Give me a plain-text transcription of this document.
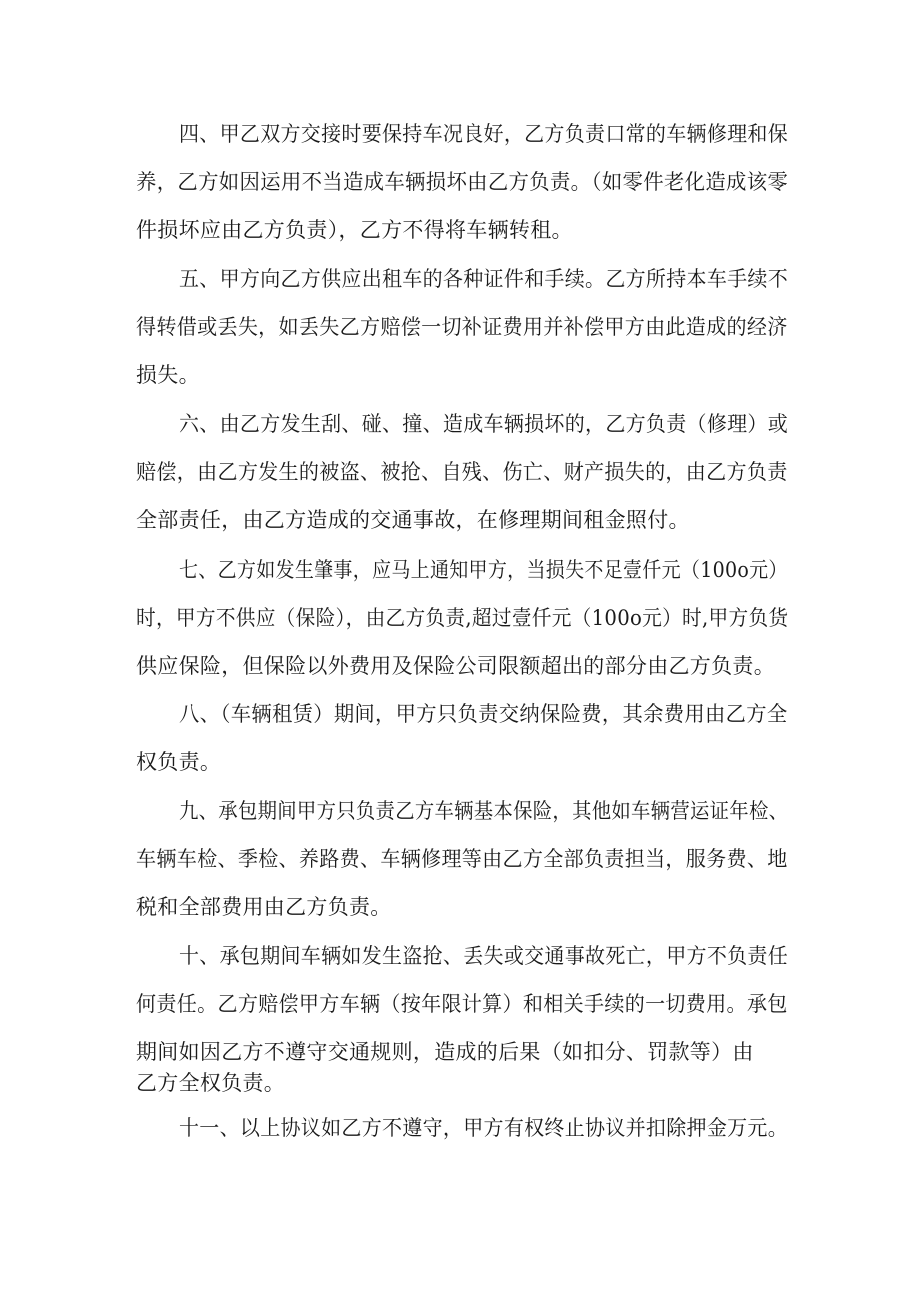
四、甲乙双方交接时要保持车况良好，乙方负责口常的车辆修理和保
养，乙方如因运用不当造成车辆损坏由乙方负责。（如零件老化造成该零
件损坏应由乙方负责），乙方不得将车辆转租。
五、甲方向乙方供应出租车的各种证件和手续。乙方所持本车手续不
得转借或丢失，如丢失乙方赔偿一切补证费用并补偿甲方由此造成的经济
损失。
六、由乙方发生刮、碰、撞、造成车辆损坏的，乙方负责（修理）或
赔偿，由乙方发生的被盗、被抢、自残、伤亡、财产损失的，由乙方负责
全部责任，由乙方造成的交通事故，在修理期间租金照付。
七、乙方如发生肇事，应马上通知甲方，当损失不足壹仟元（100o元）
时，甲方不供应（保险），由乙方负责,超过壹仟元（100o元）时,甲方负货
供应保险，但保险以外费用及保险公司限额超出的部分由乙方负责。
八、（车辆租赁）期间，甲方只负责交纳保险费，其余费用由乙方全
权负责。
九、承包期间甲方只负责乙方车辆基本保险，其他如车辆营运证年检、
车辆车检、季检、养路费、车辆修理等由乙方全部负责担当，服务费、地
税和全部费用由乙方负责。
十、承包期间车辆如发生盗抢、丢失或交通事故死亡，甲方不负责任
何责任。乙方赔偿甲方车辆（按年限计算）和相关手续的一切费用。承包
期间如因乙方不遵守交通规则，造成的后果（如扣分、罚款等）由
乙方全权负责。
十一、以上协议如乙方不遵守，甲方有权终止协议并扣除押金万元。
